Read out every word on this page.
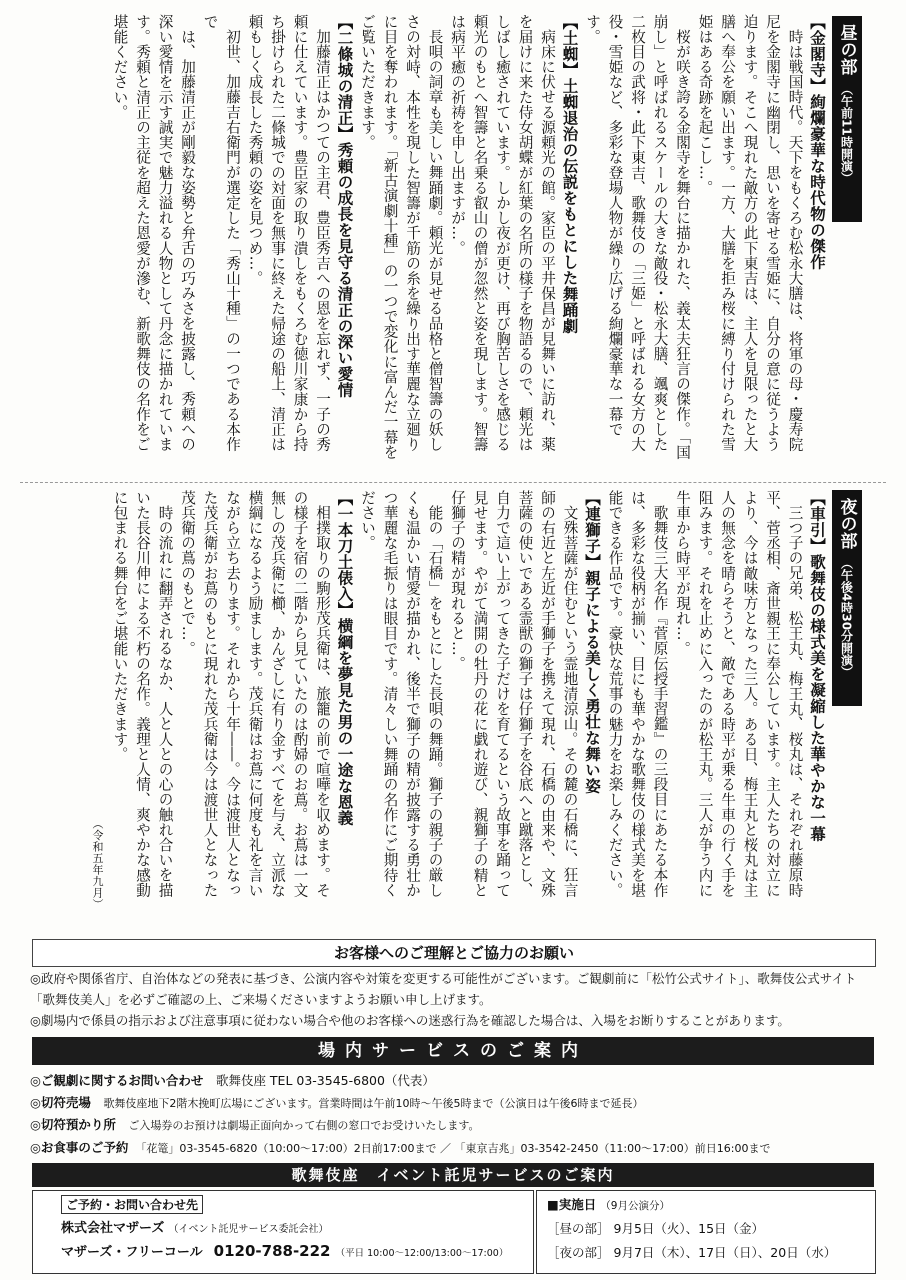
昼の部
（午前11時開演）
【金閣寺】絢爛豪華な時代物の傑作

時は戦国時代。天下をもくろむ松永大膳は、将軍の母・慶寿院尼を金閣寺に幽閉し、思いを寄せる雪姫に、自分の意に従うよう迫ります。そこへ現れた敵方の此下東吉は、主人を見限ったと大膳へ奉公を願い出ます。一方、大膳を拒み桜に縛り付けられた雪姫はある奇跡を起こし…。

桜が咲き誇る金閣寺を舞台に描かれた、義太夫狂言の傑作。「国崩し」と呼ばれるスケールの大きな敵役・松永大膳、颯爽とした二枚目の武将・此下東吉、歌舞伎の「三姫」と呼ばれる女方の大役・雪姫など、多彩な登場人物が繰り広げる絢爛豪華な一幕です。

【土蜘】土蜘退治の伝説をもとにした舞踊劇

病床に伏せる源頼光の館。家臣の平井保昌が見舞いに訪れ、薬を届けに来た侍女胡蝶が紅葉の名所の様子を物語るので、頼光はしばし癒されています。しかし夜が更け、再び胸苦しさを感じる頼光のもとへ智籌と名乗る叡山の僧が忽然と姿を現します。智籌は病平癒の祈祷を申し出ますが…。

長唄の詞章も美しい舞踊劇。頼光が見せる品格と僧智籌の妖しさの対峙、本性を現した智籌が千筋の糸を繰り出す華麗な立廻りに目を奪われます。「新古演劇十種」の一つで変化に富んだ一幕をご覧いただきます。

【二條城の清正】秀頼の成長を見守る清正の深い愛情

加藤清正はかつての主君、豊臣秀吉への恩を忘れず、一子の秀頼に仕えています。豊臣家の取り潰しをもくろむ徳川家康から持ち掛けられた二條城での対面を無事に終えた帰途の船上、清正は頼もしく成長した秀頼の姿を見つめ…。

初世、加藤吉右衛門が選定した「秀山十種」の一つである本作で

は、加藤清正が剛毅な姿勢と弁舌の巧みさを披露し、秀頼への深い愛情を示す誠実で魅力溢れる人物として丹念に描かれています。秀頼と清正の主従を超えた恩愛が滲む、新歌舞伎の名作をご堪能ください。

夜の部
（午後4時30分開演）
【車引】歌舞伎の様式美を凝縮した華やかな一幕

三つ子の兄弟、松王丸、梅王丸、桜丸は、それぞれ藤原時平、菅丞相、斎世親王に奉公しています。主人たちの対立により、今は敵味方となった三人。ある日、梅王丸と桜丸は主人の無念を晴らそうと、敵である時平が乗る牛車の行く手を阻みます。それを止めに入ったのが松王丸。三人が争う内に牛車から時平が現れ…。

歌舞伎三大名作『菅原伝授手習鑑』の三段目にあたる本作は、多彩な役柄が揃い、目にも華やかな歌舞伎の様式美を堪能できる作品です。豪快な荒事の魅力をお楽しみください。

【連獅子】親子による美しく勇壮な舞い姿

文殊菩薩が住むという霊地清涼山。その麓の石橋に、狂言師の右近と左近が手獅子を携えて現れ、石橋の由来や、文殊菩薩の使いである霊獣の獅子は仔獅子を谷底へと蹴落とし、自力で這い上がってきた子だけを育てるという故事を踊って見せます。やがて満開の牡丹の花に戯れ遊び、親獅子の精と仔獅子の精が現れると…。

能の「石橋」をもとにした長唄の舞踊。獅子の親子の厳しくも温かい情愛が描かれ、後半で獅子の精が披露する勇壮かつ華麗な毛振りは眼目です。清々しい舞踊の名作にご期待ください。

【一本刀土俵入】横綱を夢見た男の一途な恩義

相撲取りの駒形茂兵衛は、旅籠の前で喧嘩を収めます。その様子を宿の二階から見ていたのは酌婦のお蔦。お蔦は一文無しの茂兵衛に櫛、かんざしに有り金すべてを与え、立派な横綱になるよう励まします。茂兵衛はお蔦に何度も礼を言いながら立ち去ります。それから十年――。今は渡世人となった茂兵衛がお蔦のもとに現れた茂兵衛は今は渡世人となった茂兵衛の蔦のもとで…。

時の流れに翻弄されるなか、人と人との心の触れ合いを描いた長谷川伸による不朽の名作。義理と人情、爽やかな感動に包まれる舞台をご堪能いただきます。

（令和五年九月）
お客様へのご理解とご協力のお願い
◎政府や関係省庁、自治体などの発表に基づき、公演内容や対策を変更する可能性がございます。ご観劇前に「松竹公式サイト」、歌舞伎公式サイト「歌舞伎美人」を必ずご確認の上、ご来場くださいますようお願い申し上げます。
◎劇場内で係員の指示および注意事項に従わない場合や他のお客様への迷惑行為を確認した場合は、入場をお断りすることがあります。
場内サービスのご案内
◎ご観劇に関するお問い合わせ　 歌舞伎座 TEL 03-3545-6800（代表）
◎切符売場　 歌舞伎座地下2階木挽町広場にございます。営業時間は午前10時～午後5時まで（公演日は午後6時まで延長）
◎切符預かり所　 ご入場券のお預けは劇場正面向かって右側の窓口でお受けいたします。
◎お食事のご予約　 「花篭」03-3545-6820（10:00～17:00）2日前17:00まで ／ 「東京吉兆」03-3542-2450（11:00～17:00）前日16:00まで
歌舞伎座　イベント託児サービスのご案内
ご予約・お問い合わせ先
株式会社マザーズ （イベント託児サービス委託会社）
マザーズ・フリーコール 0120-788-222 （平日 10:00～12:00/13:00～17:00）
■実施日 （9月公演分）
［昼の部］ 9月5日（火）、15日（金）
［夜の部］ 9月7日（木）、17日（日）、20日（水）
